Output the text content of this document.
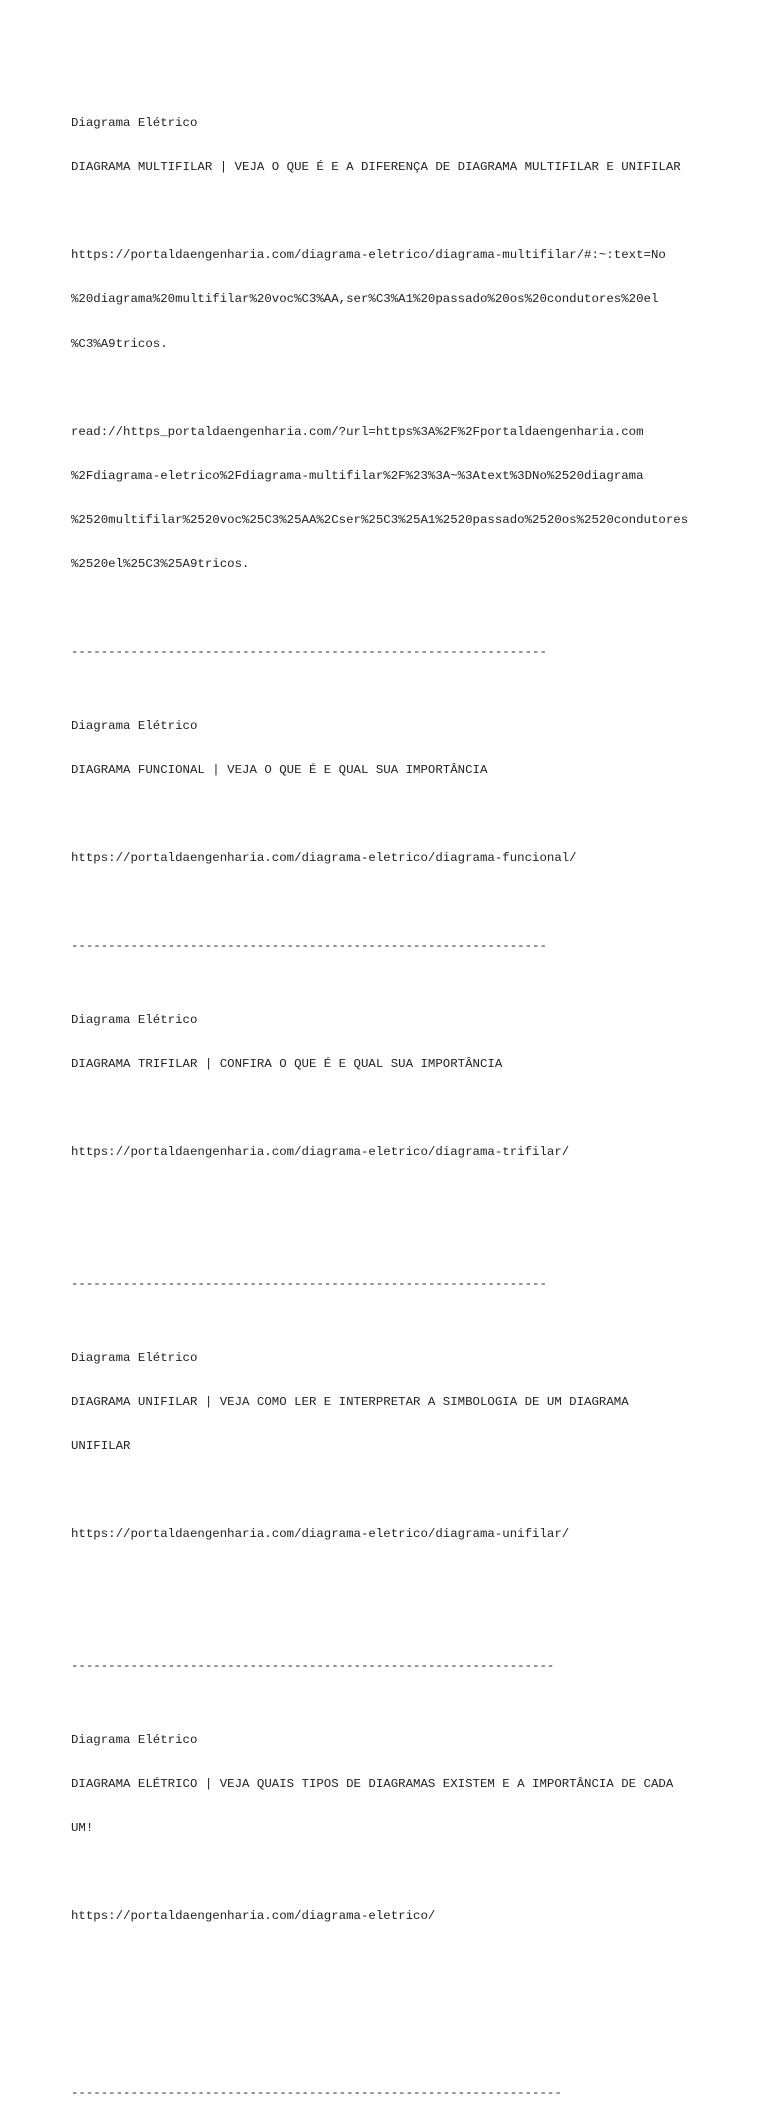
Diagrama Elétrico

DIAGRAMA MULTIFILAR | VEJA O QUE É E A DIFERENÇA DE DIAGRAMA MULTIFILAR E UNIFILAR

https://portaldaengenharia.com/diagrama-eletrico/diagrama-multifilar/#:~:text=No

%20diagrama%20multifilar%20voc%C3%AA,ser%C3%A1%20passado%20os%20condutores%20el

%C3%A9tricos.

read://https_portaldaengenharia.com/?url=https%3A%2F%2Fportaldaengenharia.com

%2Fdiagrama-eletrico%2Fdiagrama-multifilar%2F%23%3A~%3Atext%3DNo%2520diagrama

%2520multifilar%2520voc%25C3%25AA%2Cser%25C3%25A1%2520passado%2520os%2520condutores

%2520el%25C3%25A9tricos.

----------------------------------------------------------------

Diagrama Elétrico

DIAGRAMA FUNCIONAL | VEJA O QUE É E QUAL SUA IMPORTÂNCIA

https://portaldaengenharia.com/diagrama-eletrico/diagrama-funcional/

----------------------------------------------------------------

Diagrama Elétrico

DIAGRAMA TRIFILAR | CONFIRA O QUE É E QUAL SUA IMPORTÂNCIA

https://portaldaengenharia.com/diagrama-eletrico/diagrama-trifilar/

----------------------------------------------------------------

Diagrama Elétrico

DIAGRAMA UNIFILAR | VEJA COMO LER E INTERPRETAR A SIMBOLOGIA DE UM DIAGRAMA

UNIFILAR

https://portaldaengenharia.com/diagrama-eletrico/diagrama-unifilar/

-----------------------------------------------------------------

Diagrama Elétrico

DIAGRAMA ELÉTRICO | VEJA QUAIS TIPOS DE DIAGRAMAS EXISTEM E A IMPORTÂNCIA DE CADA

UM!

https://portaldaengenharia.com/diagrama-eletrico/

------------------------------------------------------------------
